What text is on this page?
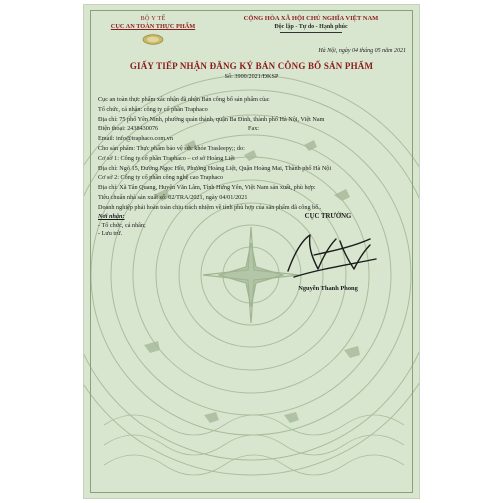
BỘ Y TẾ
CỤC AN TOÀN THỰC PHẨM
CỘNG HÒA XÃ HỘI CHỦ NGHĨA VIỆT NAM
Độc lập - Tự do - Hạnh phúc
Hà Nội, ngày 04 tháng 05 năm 2021
GIẤY TIẾP NHẬN ĐĂNG KÝ BẢN CÔNG BỐ SẢN PHẨM
Số: 3900/2021/ĐKSP

Cục an toàn thực phẩm xác nhận đã nhận Bản công bố sản phẩm của:

Tổ chức, cá nhân: công ty cổ phần Traphaco

Địa chỉ: 75 phố Yên Ninh, phường quán thánh, quận Ba Đình, thành phố Hà Nội, Việt Nam

Điện thoại: 2438430076	Fax:

Email: info@traphaco.com.vn

Cho sản phẩm: Thực phẩm bảo vệ sức khỏe Trasleepy;; do:

Cơ sở 1: Công ty cổ phần Traphaco – cơ sở Hoàng Liệt

Địa chỉ: Ngõ 15, Đường Ngọc Hồi, Phường Hoàng Liệt, Quận Hoàng Mai, Thành phố Hà Nội

Cơ sở 2: Công ty cổ phần công nghệ cao Traphaco

Địa chỉ: Xã Tân Quang, Huyện Văn Lâm, Tỉnh Hưng Yên, Việt Nam sản xuất, phù hợp:

Tiêu chuẩn nhà sản xuất số: 02/TRA/2021, ngày 04/01/2021

Doanh nghiệp phải hoàn toàn chịu trách nhiệm về tính phù hợp của sản phẩm đã công bố..

Nơi nhận:
- Tổ chức, cá nhân;
- Lưu trữ.
CỤC TRƯỞNG
Nguyễn Thanh Phong
